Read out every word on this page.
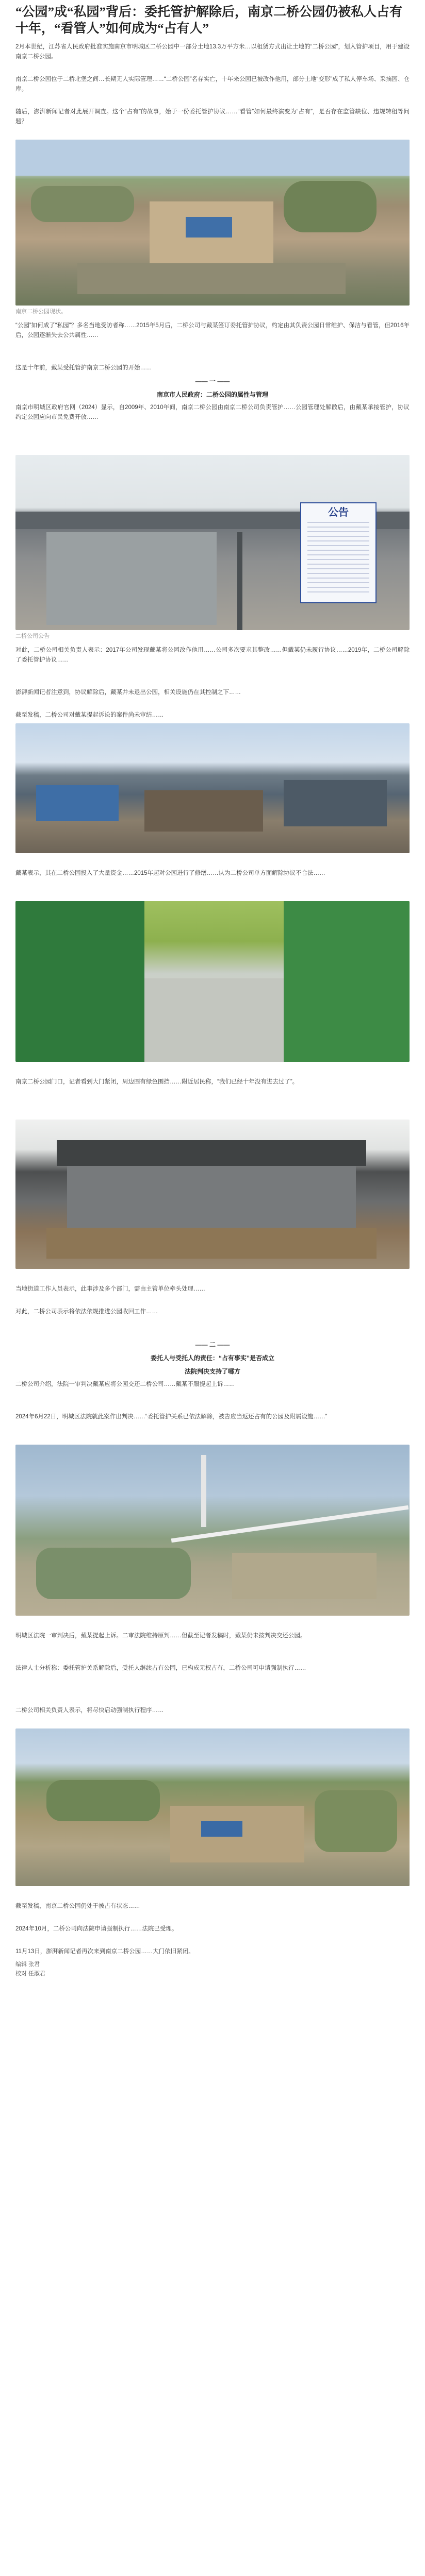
“公园”成“私园”背后：委托管护解除后，南京二桥公园仍被私人占有十年，“看管人”如何成为“占有人”

2月本世纪，江苏省人民政府批准实施南京市明城区二桥公园中一部分土地13.3万平方米…以租赁方式出让土地的“二桥公园”，划入管护项目，用于建设南京二桥公园。

南京二桥公园位于二桥北堡之间…长期无人实际管理……“二桥公园”名存实亡，十年来公园已被改作他用，部分土地“变形”成了私人停车场、采摘园、仓库。

随后，澎湃新闻记者对此展开调查。这个“占有”的故事，始于一份委托管护协议……“看管”如何最终演变为“占有”，是否存在监管缺位、违规转租等问题？

南京二桥公园现状。

“公园”如何成了“私园”？多名当地受访者称……2015年5月后，二桥公司与戴某签订委托管护协议，约定由其负责公园日常维护、保洁与看管，但2016年后，公园逐渐失去公共属性……

这是十年前，戴某受托管护南京二桥公园的开始……

—— 一 ——
南京市人民政府：二桥公园的属性与管理

南京市明城区政府官网（2024）显示，自2009年、2010年间，南京二桥公园由南京二桥公司负责管护……公园管理处解散后，由戴某承接管护，协议约定公园应向市民免费开放……

公告
二桥公司公告

对此，二桥公司相关负责人表示：2017年公司发现戴某将公园改作他用……公司多次要求其整改……但戴某仍未履行协议……2019年，二桥公司解除了委托管护协议……

澎湃新闻记者注意到，协议解除后，戴某并未退出公园，相关设施仍在其控制之下……

截至发稿，二桥公司对戴某提起诉讼的案件尚未审结……

戴某表示，其在二桥公园投入了大量资金……2015年起对公园进行了修缮……认为二桥公司单方面解除协议不合法……

南京二桥公园门口，记者看到大门紧闭，周边围有绿色围挡……附近居民称，“我们已经十年没有进去过了”。

当地街道工作人员表示，此事涉及多个部门，需由主管单位牵头处理……

对此，二桥公司表示将依法依规推进公园收回工作……

—— 二 ——
委托人与受托人的责任：“占有事实”是否成立
法院判决支持了哪方

二桥公司介绍，法院一审判决戴某应将公园交还二桥公司……戴某不服提起上诉……

2024年6月22日，明城区法院就此案作出判决……“委托管护关系已依法解除，被告应当返还占有的公园及附属设施……”

明城区法院一审判决后，戴某提起上诉。二审法院维持原判……但截至记者发稿时，戴某仍未按判决交还公园。

法律人士分析称：委托管护关系解除后，受托人继续占有公园，已构成无权占有，二桥公司可申请强制执行……

二桥公司相关负责人表示，将尽快启动强制执行程序……

截至发稿，南京二桥公园仍处于被占有状态……

2024年10月，二桥公司向法院申请强制执行……法院已受理。

11月13日，澎湃新闻记者再次来到南京二桥公园……大门依旧紧闭。

编辑 张君

校对 任淑君
